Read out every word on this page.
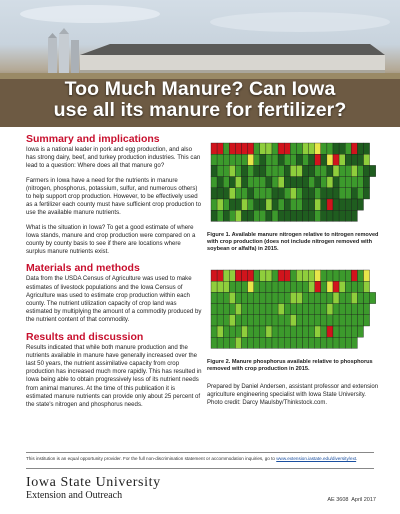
Too Much Manure? Can Iowa
use all its manure for fertilizer?
Summary and implications

Iowa is a national leader in pork and egg production, and also has strong dairy, beef, and turkey production industries. This can lead to a question: Where does all that manure go?

Farmers in Iowa have a need for the nutrients in manure (nitrogen, phosphorus, potassium, sulfur, and numerous others) to help support crop production. However, to be effectively used as a fertilizer each county must have sufficient crop production to use the available manure nutrients.

What is the situation in Iowa? To get a good estimate of where Iowa stands, manure and crop production were compared on a county by county basis to see if there are locations where surplus manure nutrients exist.

Materials and methods

Data from the USDA Census of Agriculture was used to make estimates of livestock populations and the Iowa Census of Agriculture was used to estimate crop production within each county. The nutrient utilization capacity of crop land was estimated by multiplying the amount of a commodity produced by the nutrient content of that commodity.

Results and discussion

Results indicated that while both manure production and the nutrients available in manure have generally increased over the last 50 years, the nutrient assimilative capacity from crop production has increased much more rapidly. This has resulted in Iowa being able to obtain progressively less of its nutrient needs from animal manures. At the time of this publication it is estimated manure nutrients can provide only about 25 percent of the state's nitrogen and phosphorus needs.

Figure 1. Available manure nitrogen relative to nitrogen removed with crop production (does not include nitrogen removed with soybean or alfalfa) in 2015.
Figure 2. Manure phosphorus available relative to phosphorus removed with crop production in 2015.
Prepared by Daniel Andersen, assistant professor and extension agriculture engineering specialist with Iowa State University. Photo credit: Darcy Maulsby/Thinkstock.com.
This institution is an equal opportunity provider. For the full non-discrimination statement or accommodation inquiries, go to www.extension.iastate.edu/diversity/ext.
Iowa State University
Extension and Outreach	AE 3608 April 2017
